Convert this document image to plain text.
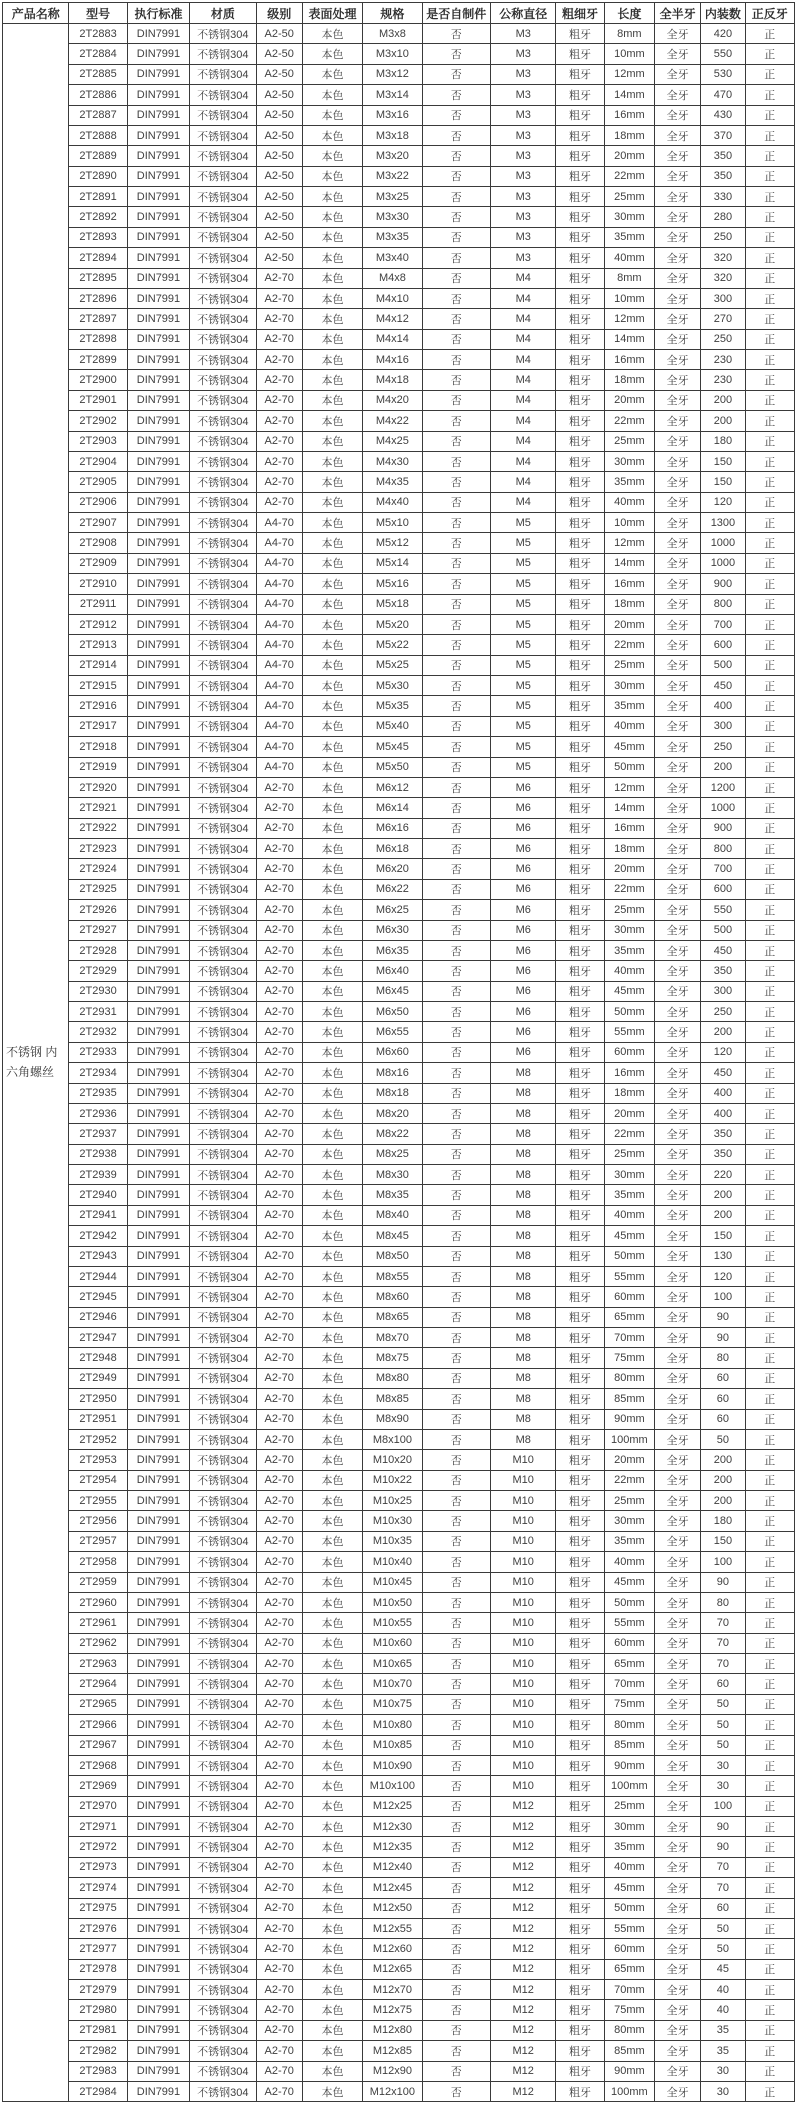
产品名称	型号	执行标准	材质	级别	表面处理	规格	是否自制件	公称直径	粗细牙	长度	全半牙	内装数	正反牙
不锈钢 内六角螺丝	2T2883	DIN7991	不锈钢304	A2-50	本色	M3x8	否	M3	粗牙	8mm	全牙	420	正
	2T2884	DIN7991	不锈钢304	A2-50	本色	M3x10	否	M3	粗牙	10mm	全牙	550	正
	2T2885	DIN7991	不锈钢304	A2-50	本色	M3x12	否	M3	粗牙	12mm	全牙	530	正
	2T2886	DIN7991	不锈钢304	A2-50	本色	M3x14	否	M3	粗牙	14mm	全牙	470	正
	2T2887	DIN7991	不锈钢304	A2-50	本色	M3x16	否	M3	粗牙	16mm	全牙	430	正
	2T2888	DIN7991	不锈钢304	A2-50	本色	M3x18	否	M3	粗牙	18mm	全牙	370	正
	2T2889	DIN7991	不锈钢304	A2-50	本色	M3x20	否	M3	粗牙	20mm	全牙	350	正
	2T2890	DIN7991	不锈钢304	A2-50	本色	M3x22	否	M3	粗牙	22mm	全牙	350	正
	2T2891	DIN7991	不锈钢304	A2-50	本色	M3x25	否	M3	粗牙	25mm	全牙	330	正
	2T2892	DIN7991	不锈钢304	A2-50	本色	M3x30	否	M3	粗牙	30mm	全牙	280	正
	2T2893	DIN7991	不锈钢304	A2-50	本色	M3x35	否	M3	粗牙	35mm	全牙	250	正
	2T2894	DIN7991	不锈钢304	A2-50	本色	M3x40	否	M3	粗牙	40mm	全牙	320	正
	2T2895	DIN7991	不锈钢304	A2-70	本色	M4x8	否	M4	粗牙	8mm	全牙	320	正
	2T2896	DIN7991	不锈钢304	A2-70	本色	M4x10	否	M4	粗牙	10mm	全牙	300	正
	2T2897	DIN7991	不锈钢304	A2-70	本色	M4x12	否	M4	粗牙	12mm	全牙	270	正
	2T2898	DIN7991	不锈钢304	A2-70	本色	M4x14	否	M4	粗牙	14mm	全牙	250	正
	2T2899	DIN7991	不锈钢304	A2-70	本色	M4x16	否	M4	粗牙	16mm	全牙	230	正
	2T2900	DIN7991	不锈钢304	A2-70	本色	M4x18	否	M4	粗牙	18mm	全牙	230	正
	2T2901	DIN7991	不锈钢304	A2-70	本色	M4x20	否	M4	粗牙	20mm	全牙	200	正
	2T2902	DIN7991	不锈钢304	A2-70	本色	M4x22	否	M4	粗牙	22mm	全牙	200	正
	2T2903	DIN7991	不锈钢304	A2-70	本色	M4x25	否	M4	粗牙	25mm	全牙	180	正
	2T2904	DIN7991	不锈钢304	A2-70	本色	M4x30	否	M4	粗牙	30mm	全牙	150	正
	2T2905	DIN7991	不锈钢304	A2-70	本色	M4x35	否	M4	粗牙	35mm	全牙	150	正
	2T2906	DIN7991	不锈钢304	A2-70	本色	M4x40	否	M4	粗牙	40mm	全牙	120	正
	2T2907	DIN7991	不锈钢304	A4-70	本色	M5x10	否	M5	粗牙	10mm	全牙	1300	正
	2T2908	DIN7991	不锈钢304	A4-70	本色	M5x12	否	M5	粗牙	12mm	全牙	1000	正
	2T2909	DIN7991	不锈钢304	A4-70	本色	M5x14	否	M5	粗牙	14mm	全牙	1000	正
	2T2910	DIN7991	不锈钢304	A4-70	本色	M5x16	否	M5	粗牙	16mm	全牙	900	正
	2T2911	DIN7991	不锈钢304	A4-70	本色	M5x18	否	M5	粗牙	18mm	全牙	800	正
	2T2912	DIN7991	不锈钢304	A4-70	本色	M5x20	否	M5	粗牙	20mm	全牙	700	正
	2T2913	DIN7991	不锈钢304	A4-70	本色	M5x22	否	M5	粗牙	22mm	全牙	600	正
	2T2914	DIN7991	不锈钢304	A4-70	本色	M5x25	否	M5	粗牙	25mm	全牙	500	正
	2T2915	DIN7991	不锈钢304	A4-70	本色	M5x30	否	M5	粗牙	30mm	全牙	450	正
	2T2916	DIN7991	不锈钢304	A4-70	本色	M5x35	否	M5	粗牙	35mm	全牙	400	正
	2T2917	DIN7991	不锈钢304	A4-70	本色	M5x40	否	M5	粗牙	40mm	全牙	300	正
	2T2918	DIN7991	不锈钢304	A4-70	本色	M5x45	否	M5	粗牙	45mm	全牙	250	正
	2T2919	DIN7991	不锈钢304	A4-70	本色	M5x50	否	M5	粗牙	50mm	全牙	200	正
	2T2920	DIN7991	不锈钢304	A2-70	本色	M6x12	否	M6	粗牙	12mm	全牙	1200	正
	2T2921	DIN7991	不锈钢304	A2-70	本色	M6x14	否	M6	粗牙	14mm	全牙	1000	正
	2T2922	DIN7991	不锈钢304	A2-70	本色	M6x16	否	M6	粗牙	16mm	全牙	900	正
	2T2923	DIN7991	不锈钢304	A2-70	本色	M6x18	否	M6	粗牙	18mm	全牙	800	正
	2T2924	DIN7991	不锈钢304	A2-70	本色	M6x20	否	M6	粗牙	20mm	全牙	700	正
	2T2925	DIN7991	不锈钢304	A2-70	本色	M6x22	否	M6	粗牙	22mm	全牙	600	正
	2T2926	DIN7991	不锈钢304	A2-70	本色	M6x25	否	M6	粗牙	25mm	全牙	550	正
	2T2927	DIN7991	不锈钢304	A2-70	本色	M6x30	否	M6	粗牙	30mm	全牙	500	正
	2T2928	DIN7991	不锈钢304	A2-70	本色	M6x35	否	M6	粗牙	35mm	全牙	450	正
	2T2929	DIN7991	不锈钢304	A2-70	本色	M6x40	否	M6	粗牙	40mm	全牙	350	正
	2T2930	DIN7991	不锈钢304	A2-70	本色	M6x45	否	M6	粗牙	45mm	全牙	300	正
	2T2931	DIN7991	不锈钢304	A2-70	本色	M6x50	否	M6	粗牙	50mm	全牙	250	正
	2T2932	DIN7991	不锈钢304	A2-70	本色	M6x55	否	M6	粗牙	55mm	全牙	200	正
	2T2933	DIN7991	不锈钢304	A2-70	本色	M6x60	否	M6	粗牙	60mm	全牙	120	正
	2T2934	DIN7991	不锈钢304	A2-70	本色	M8x16	否	M8	粗牙	16mm	全牙	450	正
	2T2935	DIN7991	不锈钢304	A2-70	本色	M8x18	否	M8	粗牙	18mm	全牙	400	正
	2T2936	DIN7991	不锈钢304	A2-70	本色	M8x20	否	M8	粗牙	20mm	全牙	400	正
	2T2937	DIN7991	不锈钢304	A2-70	本色	M8x22	否	M8	粗牙	22mm	全牙	350	正
	2T2938	DIN7991	不锈钢304	A2-70	本色	M8x25	否	M8	粗牙	25mm	全牙	350	正
	2T2939	DIN7991	不锈钢304	A2-70	本色	M8x30	否	M8	粗牙	30mm	全牙	220	正
	2T2940	DIN7991	不锈钢304	A2-70	本色	M8x35	否	M8	粗牙	35mm	全牙	200	正
	2T2941	DIN7991	不锈钢304	A2-70	本色	M8x40	否	M8	粗牙	40mm	全牙	200	正
	2T2942	DIN7991	不锈钢304	A2-70	本色	M8x45	否	M8	粗牙	45mm	全牙	150	正
	2T2943	DIN7991	不锈钢304	A2-70	本色	M8x50	否	M8	粗牙	50mm	全牙	130	正
	2T2944	DIN7991	不锈钢304	A2-70	本色	M8x55	否	M8	粗牙	55mm	全牙	120	正
	2T2945	DIN7991	不锈钢304	A2-70	本色	M8x60	否	M8	粗牙	60mm	全牙	100	正
	2T2946	DIN7991	不锈钢304	A2-70	本色	M8x65	否	M8	粗牙	65mm	全牙	90	正
	2T2947	DIN7991	不锈钢304	A2-70	本色	M8x70	否	M8	粗牙	70mm	全牙	90	正
	2T2948	DIN7991	不锈钢304	A2-70	本色	M8x75	否	M8	粗牙	75mm	全牙	80	正
	2T2949	DIN7991	不锈钢304	A2-70	本色	M8x80	否	M8	粗牙	80mm	全牙	60	正
	2T2950	DIN7991	不锈钢304	A2-70	本色	M8x85	否	M8	粗牙	85mm	全牙	60	正
	2T2951	DIN7991	不锈钢304	A2-70	本色	M8x90	否	M8	粗牙	90mm	全牙	60	正
	2T2952	DIN7991	不锈钢304	A2-70	本色	M8x100	否	M8	粗牙	100mm	全牙	50	正
	2T2953	DIN7991	不锈钢304	A2-70	本色	M10x20	否	M10	粗牙	20mm	全牙	200	正
	2T2954	DIN7991	不锈钢304	A2-70	本色	M10x22	否	M10	粗牙	22mm	全牙	200	正
	2T2955	DIN7991	不锈钢304	A2-70	本色	M10x25	否	M10	粗牙	25mm	全牙	200	正
	2T2956	DIN7991	不锈钢304	A2-70	本色	M10x30	否	M10	粗牙	30mm	全牙	180	正
	2T2957	DIN7991	不锈钢304	A2-70	本色	M10x35	否	M10	粗牙	35mm	全牙	150	正
	2T2958	DIN7991	不锈钢304	A2-70	本色	M10x40	否	M10	粗牙	40mm	全牙	100	正
	2T2959	DIN7991	不锈钢304	A2-70	本色	M10x45	否	M10	粗牙	45mm	全牙	90	正
	2T2960	DIN7991	不锈钢304	A2-70	本色	M10x50	否	M10	粗牙	50mm	全牙	80	正
	2T2961	DIN7991	不锈钢304	A2-70	本色	M10x55	否	M10	粗牙	55mm	全牙	70	正
	2T2962	DIN7991	不锈钢304	A2-70	本色	M10x60	否	M10	粗牙	60mm	全牙	70	正
	2T2963	DIN7991	不锈钢304	A2-70	本色	M10x65	否	M10	粗牙	65mm	全牙	70	正
	2T2964	DIN7991	不锈钢304	A2-70	本色	M10x70	否	M10	粗牙	70mm	全牙	60	正
	2T2965	DIN7991	不锈钢304	A2-70	本色	M10x75	否	M10	粗牙	75mm	全牙	50	正
	2T2966	DIN7991	不锈钢304	A2-70	本色	M10x80	否	M10	粗牙	80mm	全牙	50	正
	2T2967	DIN7991	不锈钢304	A2-70	本色	M10x85	否	M10	粗牙	85mm	全牙	50	正
	2T2968	DIN7991	不锈钢304	A2-70	本色	M10x90	否	M10	粗牙	90mm	全牙	30	正
	2T2969	DIN7991	不锈钢304	A2-70	本色	M10x100	否	M10	粗牙	100mm	全牙	30	正
	2T2970	DIN7991	不锈钢304	A2-70	本色	M12x25	否	M12	粗牙	25mm	全牙	100	正
	2T2971	DIN7991	不锈钢304	A2-70	本色	M12x30	否	M12	粗牙	30mm	全牙	90	正
	2T2972	DIN7991	不锈钢304	A2-70	本色	M12x35	否	M12	粗牙	35mm	全牙	90	正
	2T2973	DIN7991	不锈钢304	A2-70	本色	M12x40	否	M12	粗牙	40mm	全牙	70	正
	2T2974	DIN7991	不锈钢304	A2-70	本色	M12x45	否	M12	粗牙	45mm	全牙	70	正
	2T2975	DIN7991	不锈钢304	A2-70	本色	M12x50	否	M12	粗牙	50mm	全牙	60	正
	2T2976	DIN7991	不锈钢304	A2-70	本色	M12x55	否	M12	粗牙	55mm	全牙	50	正
	2T2977	DIN7991	不锈钢304	A2-70	本色	M12x60	否	M12	粗牙	60mm	全牙	50	正
	2T2978	DIN7991	不锈钢304	A2-70	本色	M12x65	否	M12	粗牙	65mm	全牙	45	正
	2T2979	DIN7991	不锈钢304	A2-70	本色	M12x70	否	M12	粗牙	70mm	全牙	40	正
	2T2980	DIN7991	不锈钢304	A2-70	本色	M12x75	否	M12	粗牙	75mm	全牙	40	正
	2T2981	DIN7991	不锈钢304	A2-70	本色	M12x80	否	M12	粗牙	80mm	全牙	35	正
	2T2982	DIN7991	不锈钢304	A2-70	本色	M12x85	否	M12	粗牙	85mm	全牙	35	正
	2T2983	DIN7991	不锈钢304	A2-70	本色	M12x90	否	M12	粗牙	90mm	全牙	30	正
	2T2984	DIN7991	不锈钢304	A2-70	本色	M12x100	否	M12	粗牙	100mm	全牙	30	正
